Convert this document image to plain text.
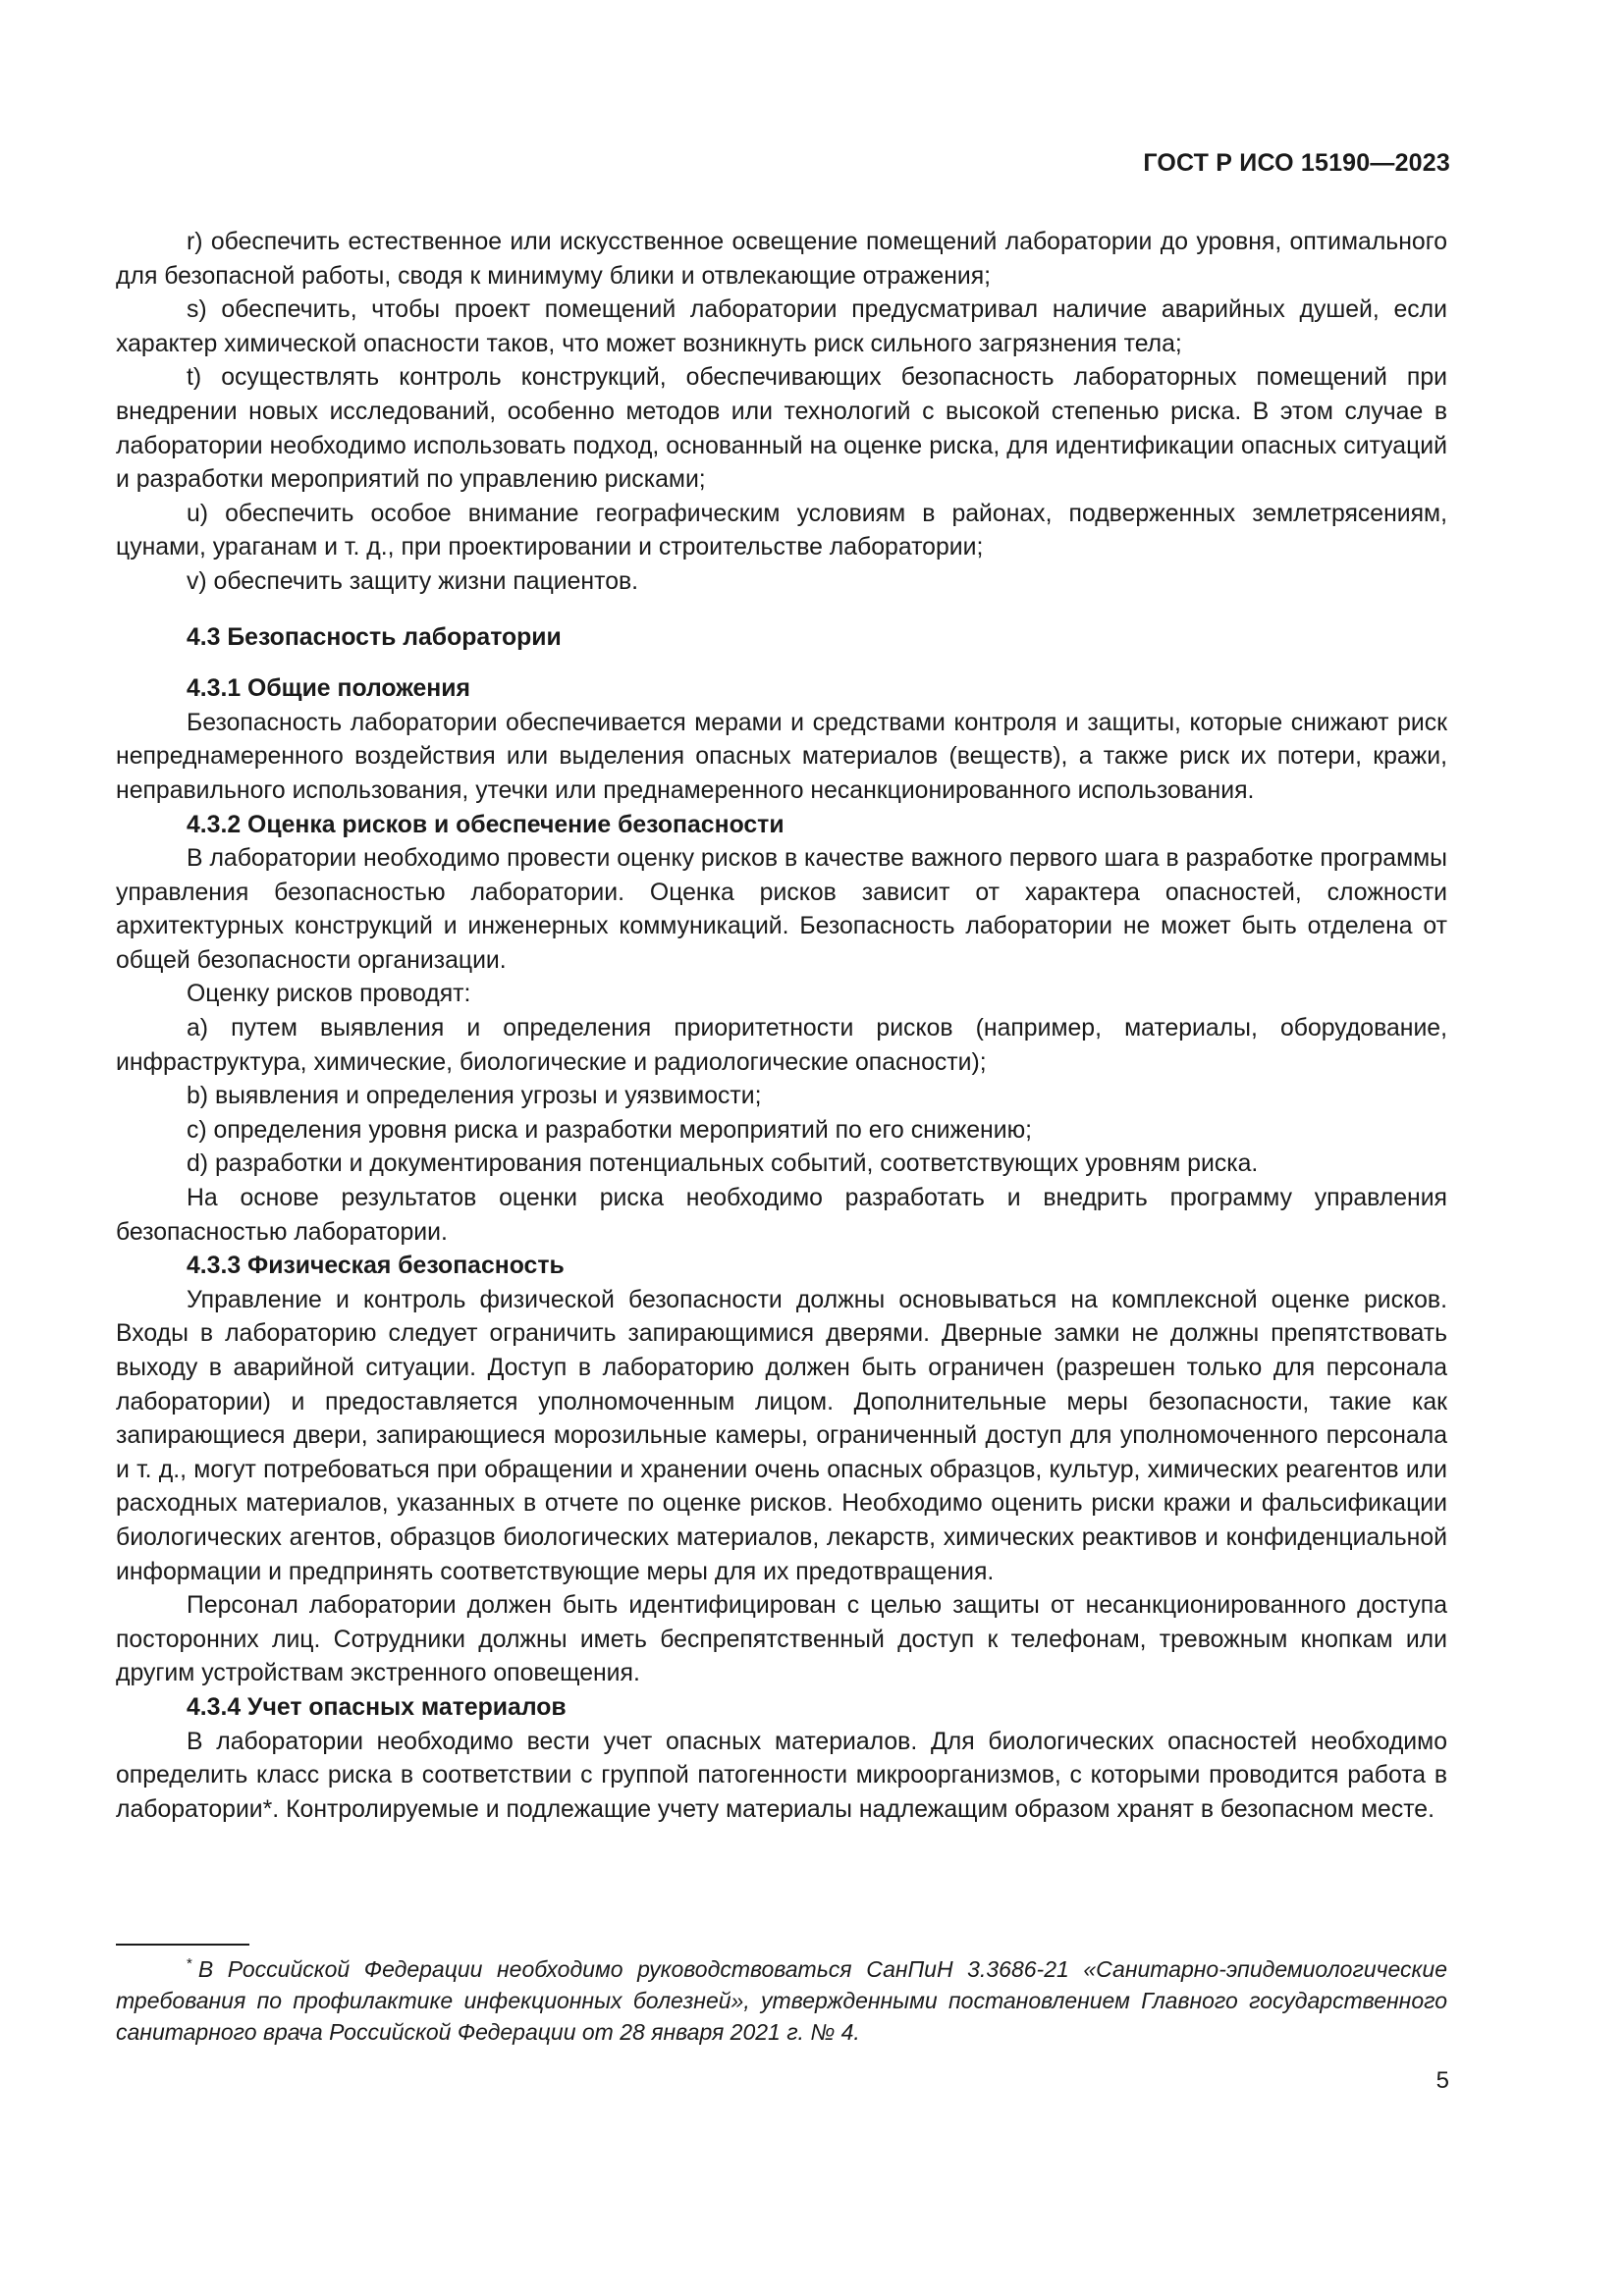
ГОСТ Р ИСО 15190—2023

r) обеспечить естественное или искусственное освещение помещений лаборатории до уровня, оптимального для безопасной работы, сводя к минимуму блики и отвлекающие отражения;

s) обеспечить, чтобы проект помещений лаборатории предусматривал наличие аварийных душей, если характер химической опасности таков, что может возникнуть риск сильного загрязнения тела;

t) осуществлять контроль конструкций, обеспечивающих безопасность лабораторных помещений при внедрении новых исследований, особенно методов или технологий с высокой степенью риска. В этом случае в лаборатории необходимо использовать подход, основанный на оценке риска, для идентификации опасных ситуаций и разработки мероприятий по управлению рисками;

u) обеспечить особое внимание географическим условиям в районах, подверженных землетрясениям, цунами, ураганам и т. д., при проектировании и строительстве лаборатории;

v) обеспечить защиту жизни пациентов.

4.3 Безопасность лаборатории
4.3.1 Общие положения

Безопасность лаборатории обеспечивается мерами и средствами контроля и защиты, которые снижают риск непреднамеренного воздействия или выделения опасных материалов (веществ), а также риск их потери, кражи, неправильного использования, утечки или преднамеренного несанкционированного использования.

4.3.2 Оценка рисков и обеспечение безопасности

В лаборатории необходимо провести оценку рисков в качестве важного первого шага в разработке программы управления безопасностью лаборатории. Оценка рисков зависит от характера опасностей, сложности архитектурных конструкций и инженерных коммуникаций. Безопасность лаборатории не может быть отделена от общей безопасности организации.

Оценку рисков проводят:

a) путем выявления и определения приоритетности рисков (например, материалы, оборудование, инфраструктура, химические, биологические и радиологические опасности);

b) выявления и определения угрозы и уязвимости;

c) определения уровня риска и разработки мероприятий по его снижению;

d) разработки и документирования потенциальных событий, соответствующих уровням риска.

На основе результатов оценки риска необходимо разработать и внедрить программу управления безопасностью лаборатории.

4.3.3 Физическая безопасность

Управление и контроль физической безопасности должны основываться на комплексной оценке рисков. Входы в лабораторию следует ограничить запирающимися дверями. Дверные замки не должны препятствовать выходу в аварийной ситуации. Доступ в лабораторию должен быть ограничен (разрешен только для персонала лаборатории) и предоставляется уполномоченным лицом. Дополнительные меры безопасности, такие как запирающиеся двери, запирающиеся морозильные камеры, ограниченный доступ для уполномоченного персонала и т. д., могут потребоваться при обращении и хранении очень опасных образцов, культур, химических реагентов или расходных материалов, указанных в отчете по оценке рисков. Необходимо оценить риски кражи и фальсификации биологических агентов, образцов биологических материалов, лекарств, химических реактивов и конфиденциальной информации и предпринять соответствующие меры для их предотвращения.

Персонал лаборатории должен быть идентифицирован с целью защиты от несанкционированного доступа посторонних лиц. Сотрудники должны иметь беспрепятственный доступ к телефонам, тревожным кнопкам или другим устройствам экстренного оповещения.

4.3.4 Учет опасных материалов

В лаборатории необходимо вести учет опасных материалов. Для биологических опасностей необходимо определить класс риска в соответствии с группой патогенности микроорганизмов, с которыми проводится работа в лаборатории*. Контролируемые и подлежащие учету материалы надлежащим образом хранят в безопасном месте.

* В Российской Федерации необходимо руководствоваться СанПиН 3.3686-21 «Санитарно-эпидемиологические требования по профилактике инфекционных болезней», утвержденными постановлением Главного государственного санитарного врача Российской Федерации от 28 января 2021 г. № 4.
5
